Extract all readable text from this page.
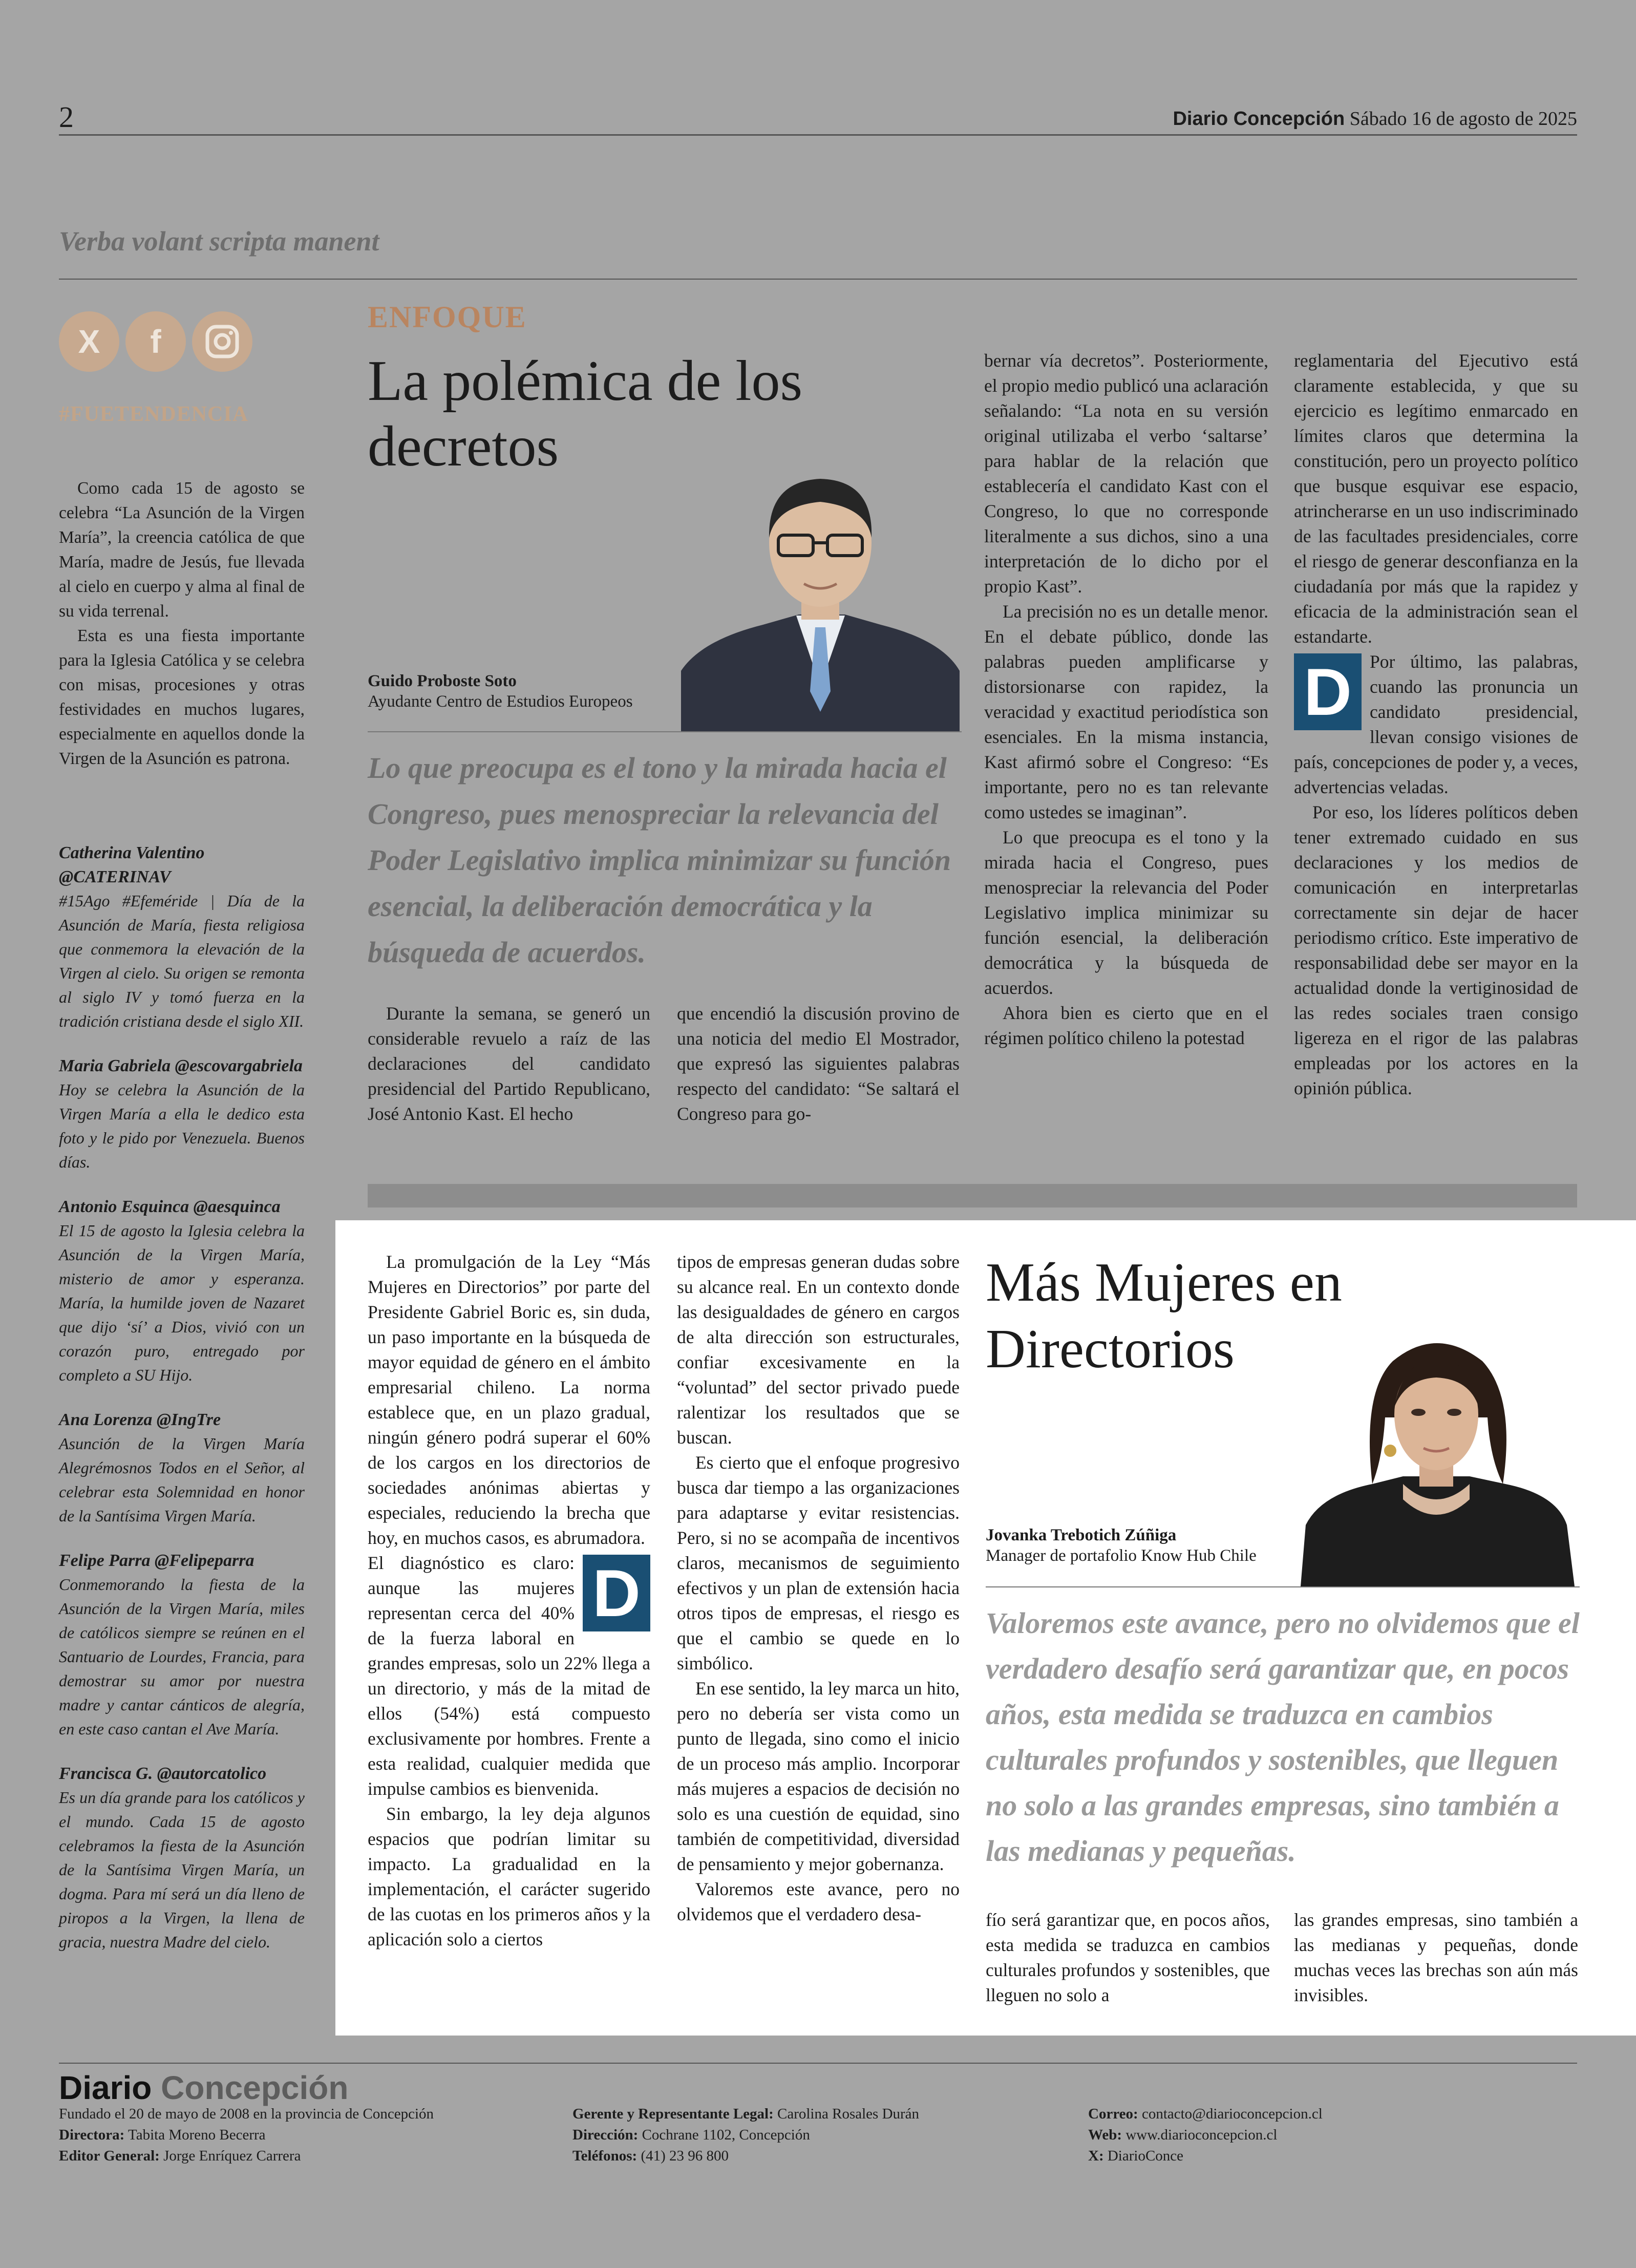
2	Diario Concepción Sábado 16 de agosto de 2025
Verba volant scripta manent
X	f
#FUETENDENCIA

Como cada 15 de agosto se celebra “La Asunción de la Virgen María”, la creencia católica de que María, madre de Jesús, fue llevada al cielo en cuerpo y alma al final de su vida terrenal.

Esta es una fiesta importante para la Iglesia Católica y se celebra con misas, procesiones y otras festividades en muchos lugares, especialmente en aquellos donde la Virgen de la Asunción es patrona.

Catherina Valentino @CATERINAV
#15Ago #Efeméride | Día de la Asunción de María, fiesta religiosa que conmemora la elevación de la Virgen al cielo. Su origen se remonta al siglo IV y tomó fuerza en la tradición cristiana desde el siglo XII.
Maria Gabriela @escovargabriela
Hoy se celebra la Asunción de la Virgen María a ella le dedico esta foto y le pido por Venezuela. Buenos días.
Antonio Esquinca @aesquinca
El 15 de agosto la Iglesia celebra la Asunción de la Virgen María, misterio de amor y esperanza. María, la humilde joven de Nazaret que dijo ‘sí’ a Dios, vivió con un corazón puro, entregado por completo a SU Hijo.
Ana Lorenza @IngTre
Asunción de la Virgen María Alegrémosnos Todos en el Señor, al celebrar esta Solemnidad en honor de la Santísima Virgen María.
Felipe Parra @Felipeparra
Conmemorando la fiesta de la Asunción de la Virgen María, miles de católicos siempre se reúnen en el Santuario de Lourdes, Francia, para demostrar su amor por nuestra madre y cantar cánticos de alegría, en este caso cantan el Ave María.
Francisca G. @autorcatolico
Es un día grande para los católicos y el mundo. Cada 15 de agosto celebramos la fiesta de la Asunción de la Santísima Virgen María, un dogma. Para mí será un día lleno de piropos a la Virgen, la llena de gracia, nuestra Madre del cielo.
ENFOQUE
La polémica de los decretos
Guido Proboste Soto
Ayudante Centro de Estudios Europeos
Lo que preocupa es el tono y la mirada hacia el Congreso, pues menospreciar la relevancia del Poder Legislativo implica minimizar su función esencial, la deliberación democrática y la búsqueda de acuerdos.

Durante la semana, se generó un considerable revuelo a raíz de las declaraciones del candidato presidencial del Partido Republicano, José Antonio Kast. El hecho

que encendió la discusión provino de una noticia del medio El Mostrador, que expresó las siguientes palabras respecto del candidato: “Se saltará el Congreso para go-

bernar vía decretos”. Posteriormente, el propio medio publicó una aclaración señalando: “La nota en su versión original utilizaba el verbo ‘saltarse’ para hablar de la relación que establecería el candidato Kast con el Congreso, lo que no corresponde literalmente a sus dichos, sino a una interpretación de lo dicho por el propio Kast”.

La precisión no es un detalle menor. En el debate público, donde las palabras pueden amplificarse y distorsionarse con rapidez, la veracidad y exactitud periodística son esenciales. En la misma instancia, Kast afirmó sobre el Congreso: “Es importante, pero no es tan relevante como ustedes se imaginan”.

Lo que preocupa es el tono y la mirada hacia el Congreso, pues menospreciar la relevancia del Poder Legislativo implica minimizar su función esencial, la deliberación democrática y la búsqueda de acuerdos.

Ahora bien es cierto que en el régimen político chileno la potestad

reglamentaria del Ejecutivo está claramente establecida, y que su ejercicio es legítimo enmarcado en límites claros que determina la constitución, pero un proyecto político que busque esquivar ese espacio, atrincherarse en un uso indiscriminado de las facultades presidenciales, corre el riesgo de generar desconfianza en la ciudadanía por más que la rapidez y eficacia de la administración sean el estandarte.

D Por último, las palabras, cuando las pronuncia un candidato presidencial, llevan consigo visiones de país, concepciones de poder y, a veces, advertencias veladas.

Por eso, los líderes políticos deben tener extremado cuidado en sus declaraciones y los medios de comunicación en interpretarlas correctamente sin dejar de hacer periodismo crítico. Este imperativo de responsabilidad debe ser mayor en la actualidad donde la vertiginosidad de las redes sociales traen consigo ligereza en el rigor de las palabras empleadas por los actores en la opinión pública.

La promulgación de la Ley “Más Mujeres en Directorios” por parte del Presidente Gabriel Boric es, sin duda, un paso importante en la búsqueda de mayor equidad de género en el ámbito empresarial chileno. La norma establece que, en un plazo gradual, ningún género podrá superar el 60% de los cargos en los directorios de sociedades anónimas abiertas y especiales, reduciendo la brecha que hoy, en muchos casos, es abrumadora.

D
El diagnóstico es claro: aunque las mujeres representan cerca del 40% de la fuerza laboral en grandes empresas, solo un 22% llega a un directorio, y más de la mitad de ellos (54%) está compuesto exclusivamente por hombres. Frente a esta realidad, cualquier medida que impulse cambios es bienvenida.

Sin embargo, la ley deja algunos espacios que podrían limitar su impacto. La gradualidad en la implementación, el carácter sugerido de las cuotas en los primeros años y la aplicación solo a ciertos

tipos de empresas generan dudas sobre su alcance real. En un contexto donde las desigualdades de género en cargos de alta dirección son estructurales, confiar excesivamente en la “voluntad” del sector privado puede ralentizar los resultados que se buscan.

Es cierto que el enfoque progresivo busca dar tiempo a las organizaciones para adaptarse y evitar resistencias. Pero, si no se acompaña de incentivos claros, mecanismos de seguimiento efectivos y un plan de extensión hacia otros tipos de empresas, el riesgo es que el cambio se quede en lo simbólico.

En ese sentido, la ley marca un hito, pero no debería ser vista como un punto de llegada, sino como el inicio de un proceso más amplio. Incorporar más mujeres a espacios de decisión no solo es una cuestión de equidad, sino también de competitividad, diversidad de pensamiento y mejor gobernanza.

Valoremos este avance, pero no olvidemos que el verdadero desa-

Más Mujeres en Directorios
Jovanka Trebotich Zúñiga
Manager de portafolio Know Hub Chile
Valoremos este avance, pero no olvidemos que el verdadero desafío será garantizar que, en pocos años, esta medida se traduzca en cambios culturales profundos y sostenibles, que lleguen no solo a las grandes empresas, sino también a las medianas y pequeñas.

fío será garantizar que, en pocos años, esta medida se traduzca en cambios culturales profundos y sostenibles, que lleguen no solo a

las grandes empresas, sino también a las medianas y pequeñas, donde muchas veces las brechas son aún más invisibles.

Diario Concepción
Fundado el 20 de mayo de 2008 en la provincia de Concepción
Directora: Tabita Moreno Becerra
Editor General: Jorge Enríquez Carrera
Gerente y Representante Legal: Carolina Rosales Durán
Dirección: Cochrane 1102, Concepción
Teléfonos: (41) 23 96 800
Correo: contacto@diarioconcepcion.cl
Web: www.diarioconcepcion.cl
X: DiarioConce
